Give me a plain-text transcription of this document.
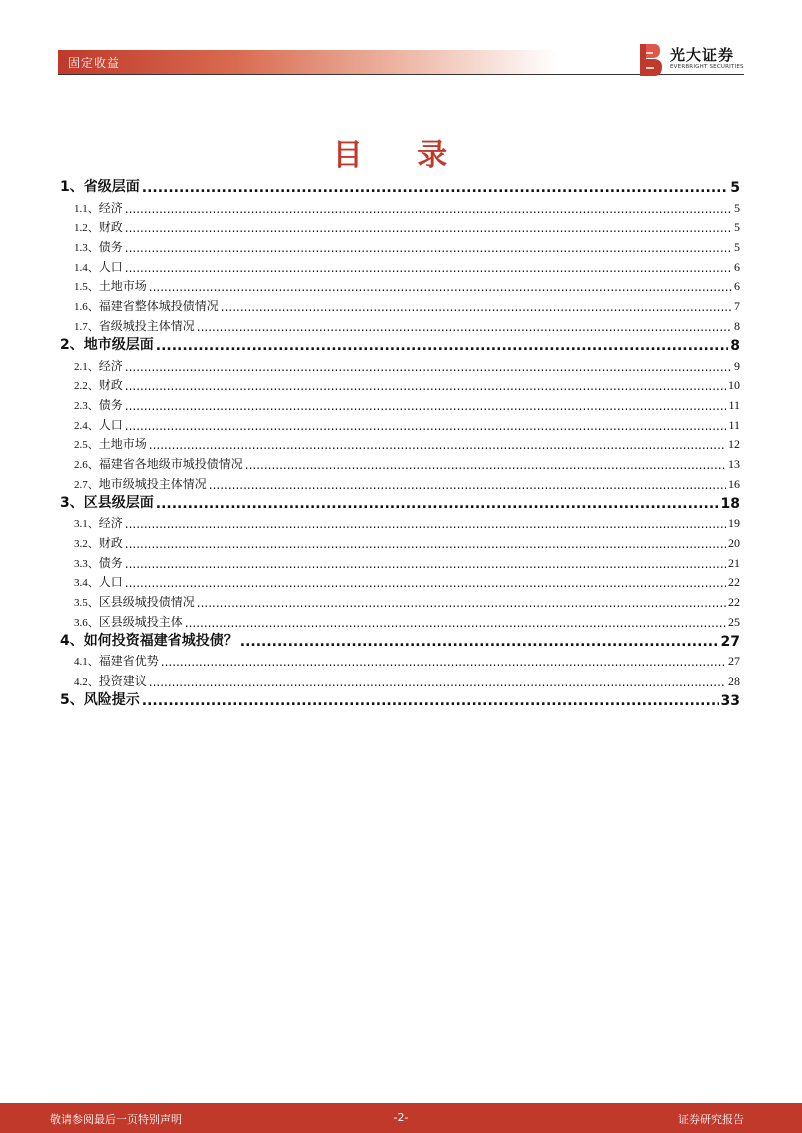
固定收益	光大证券
EVERBRIGHT SECURITIES
目 录
1、 省级层面 .....	5
1.1、 经济 .....	5
1.2、 财政 .....	5
1.3、 债务 .....	5
1.4、 人口 .....	6
1.5、 土地市场 .....	6
1.6、 福建省整体城投债情况 .....	7
1.7、 省级城投主体情况 .....	8
2、 地市级层面 .....	8
2.1、 经济 .....	9
2.2、 财政 .....	10
2.3、 债务 .....	11
2.4、 人口 .....	11
2.5、 土地市场 .....	12
2.6、 福建省各地级市城投债情况 .....	13
2.7、 地市级城投主体情况 .....	16
3、 区县级层面 .....	18
3.1、 经济 .....	19
3.2、 财政 .....	20
3.3、 债务 .....	21
3.4、 人口 .....	22
3.5、 区县级城投债情况 .....	22
3.6、 区县级城投主体 .....	25
4、 如何投资福建省城投债？ .....	27
4.1、 福建省优势 .....	27
4.2、 投资建议 .....	28
5、 风险提示 .....	33
敬请参阅最后一页特别声明	-2-	证券研究报告
